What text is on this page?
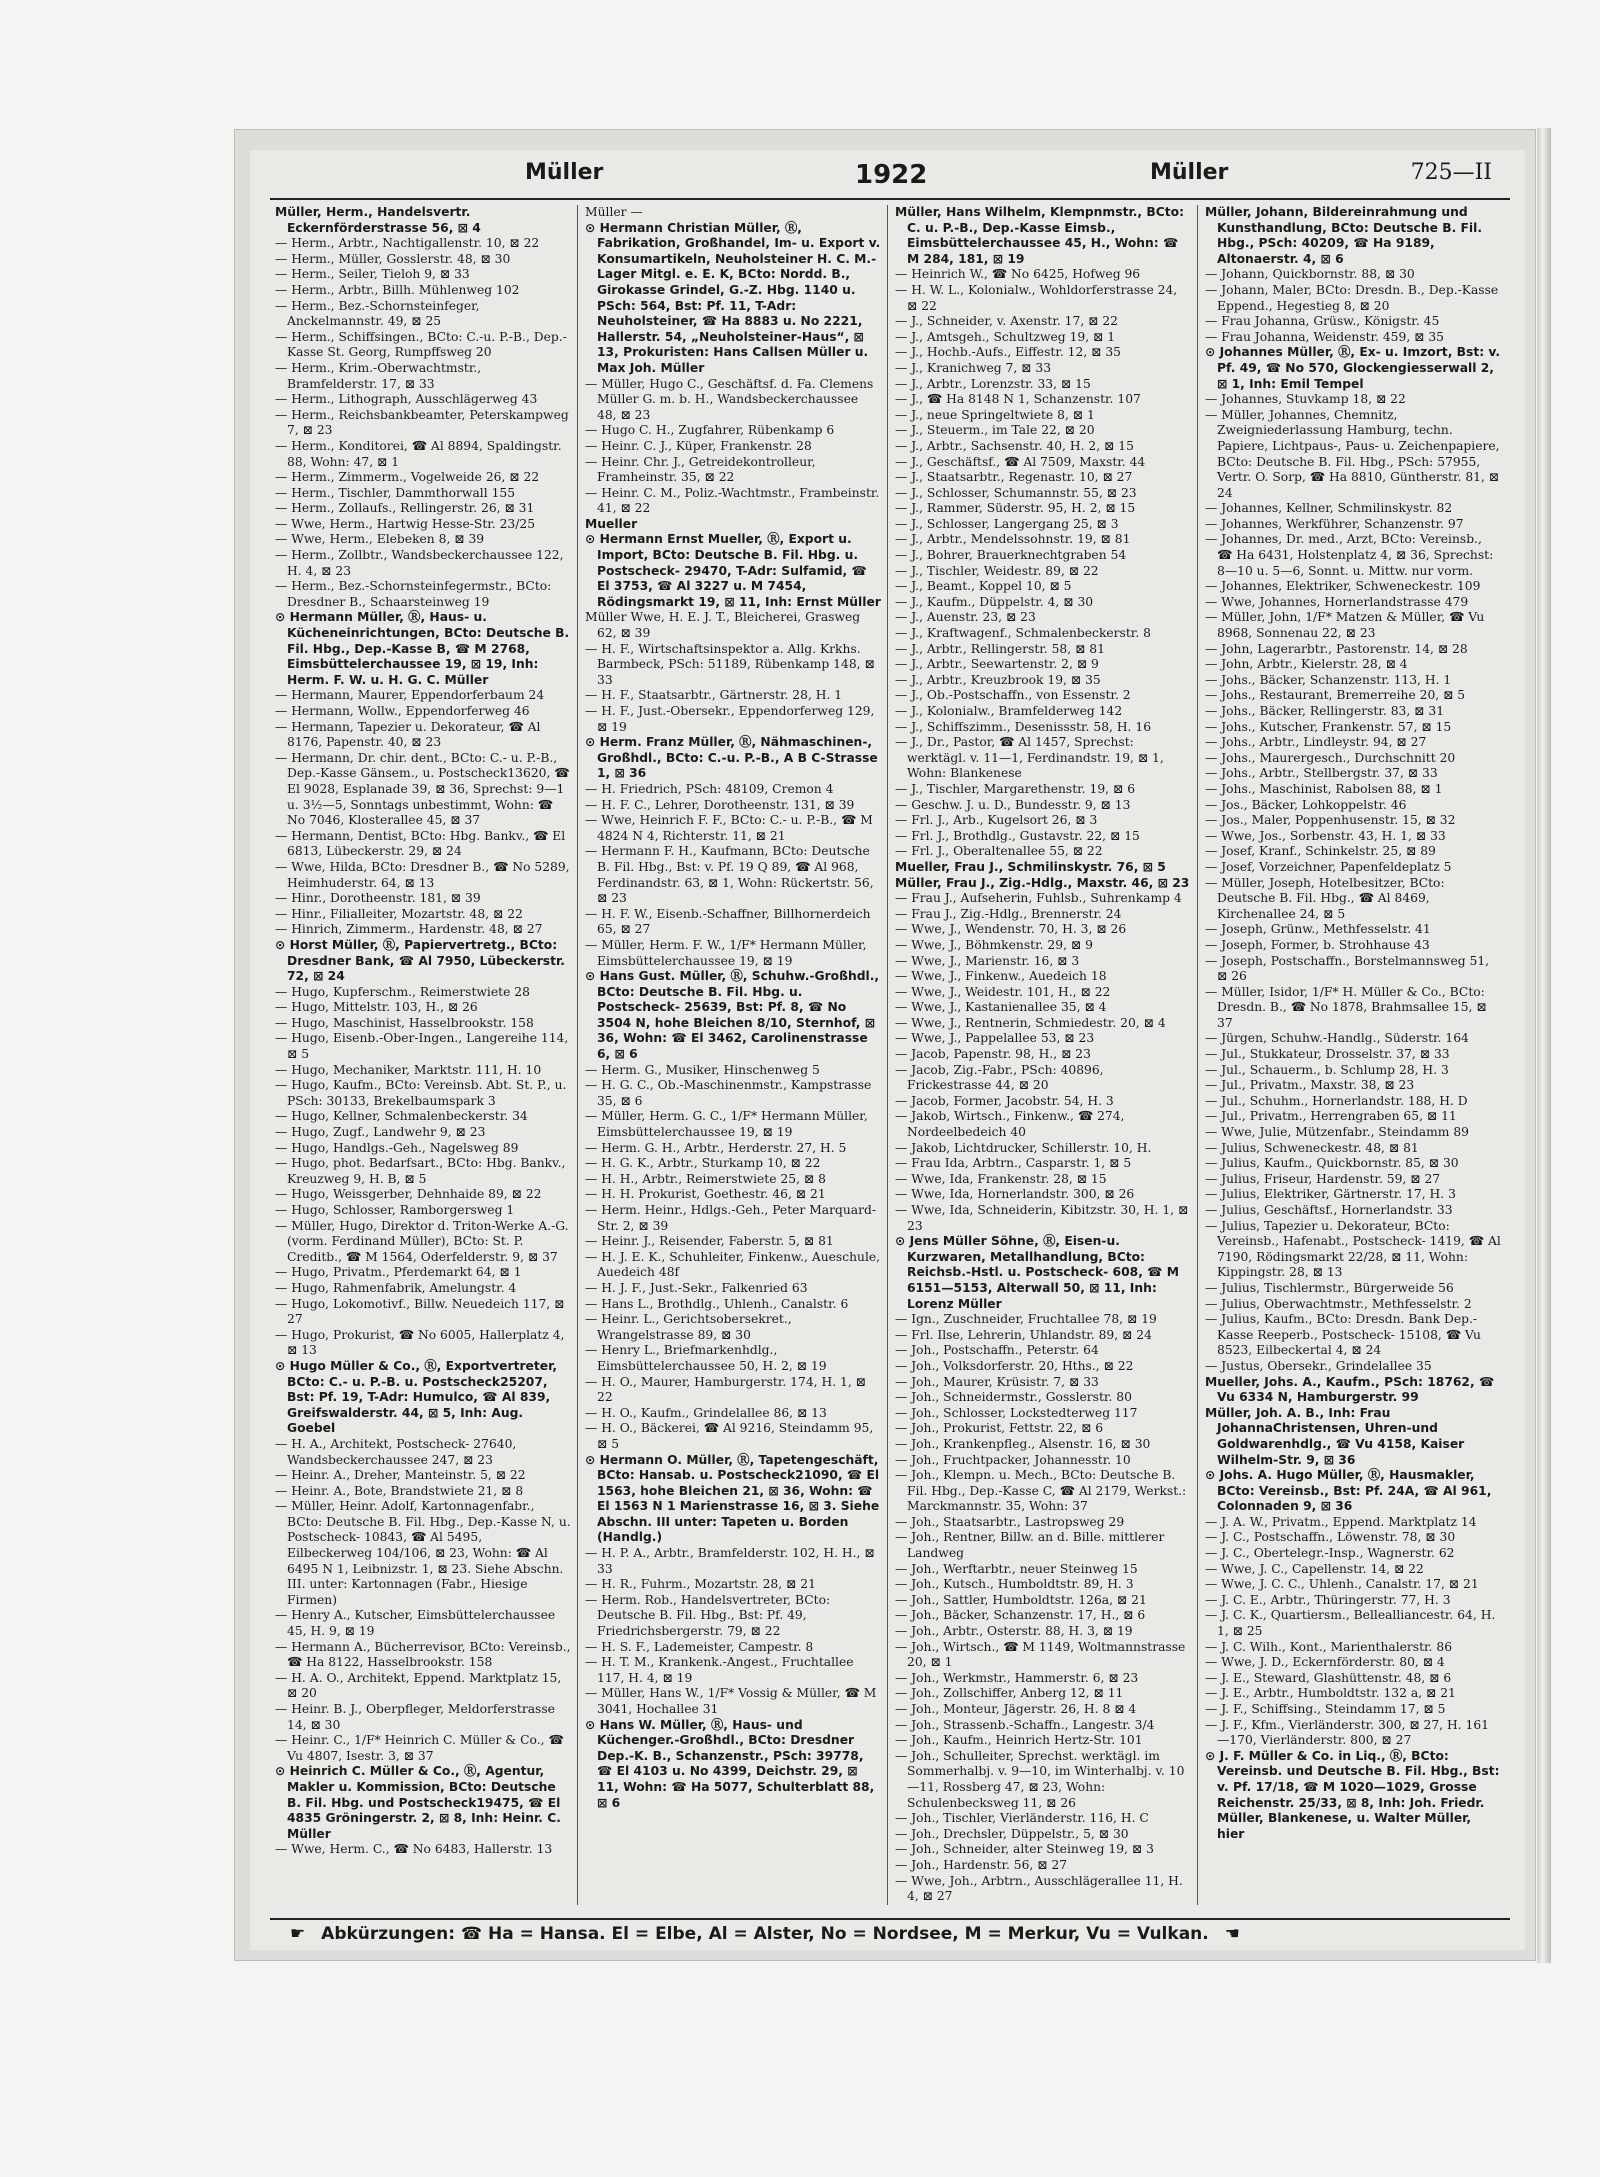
Müller	1922	Müller	725—II

Müller, Herm., Handelsvertr. Eckernförderstrasse 56, ⊠ 4

— Herm., Arbtr., Nachtigallenstr. 10, ⊠ 22

— Herm., Müller, Gosslerstr. 48, ⊠ 30

— Herm., Seiler, Tieloh 9, ⊠ 33

— Herm., Arbtr., Billh. Mühlenweg 102

— Herm., Bez.-Schornsteinfeger, Anckelmannstr. 49, ⊠ 25

— Herm., Schiffsingen., BCto: C.-u. P.-B., Dep.-Kasse St. Georg, Rumpffsweg 20

— Herm., Krim.-Oberwachtmstr., Bramfelderstr. 17, ⊠ 33

— Herm., Lithograph, Ausschlägerweg 43

— Herm., Reichsbankbeamter, Peterskampweg 7, ⊠ 23

— Herm., Konditorei, ☎ Al 8894, Spaldingstr. 88, Wohn: 47, ⊠ 1

— Herm., Zimmerm., Vogelweide 26, ⊠ 22

— Herm., Tischler, Dammthorwall 155

— Herm., Zollaufs., Rellingerstr. 26, ⊠ 31

— Wwe, Herm., Hartwig Hesse-Str. 23/25

— Wwe, Herm., Elebeken 8, ⊠ 39

— Herm., Zollbtr., Wandsbeckerchaussee 122, H. 4, ⊠ 23

— Herm., Bez.-Schornsteinfegermstr., BCto: Dresdner B., Schaarsteinweg 19

⊙ Hermann Müller, Ⓡ, Haus- u. Kücheneinrichtungen, BCto: Deutsche B. Fil. Hbg., Dep.-Kasse B, ☎ M 2768, Eimsbüttelerchaussee 19, ⊠ 19, Inh: Herm. F. W. u. H. G. C. Müller

— Hermann, Maurer, Eppendorferbaum 24

— Hermann, Wollw., Eppendorferweg 46

— Hermann, Tapezier u. Dekorateur, ☎ Al 8176, Papenstr. 40, ⊠ 23

— Hermann, Dr. chir. dent., BCto: C.- u. P.-B., Dep.-Kasse Gänsem., u. Postscheck13620, ☎ El 9028, Esplanade 39, ⊠ 36, Sprechst: 9—1 u. 3½—5, Sonntags unbestimmt, Wohn: ☎ No 7046, Klosterallee 45, ⊠ 37

— Hermann, Dentist, BCto: Hbg. Bankv., ☎ El 6813, Lübeckerstr. 29, ⊠ 24

— Wwe, Hilda, BCto: Dresdner B., ☎ No 5289, Heimhuderstr. 64, ⊠ 13

— Hinr., Dorotheenstr. 181, ⊠ 39

— Hinr., Filialleiter, Mozartstr. 48, ⊠ 22

— Hinrich, Zimmerm., Hardenstr. 48, ⊠ 27

⊙ Horst Müller, Ⓡ, Papiervertretg., BCto: Dresdner Bank, ☎ Al 7950, Lübeckerstr. 72, ⊠ 24

— Hugo, Kupferschm., Reimerstwiete 28

— Hugo, Mittelstr. 103, H., ⊠ 26

— Hugo, Maschinist, Hasselbrookstr. 158

— Hugo, Eisenb.-Ober-Ingen., Langereihe 114, ⊠ 5

— Hugo, Mechaniker, Marktstr. 111, H. 10

— Hugo, Kaufm., BCto: Vereinsb. Abt. St. P., u. PSch: 30133, Brekelbaumspark 3

— Hugo, Kellner, Schmalenbeckerstr. 34

— Hugo, Zugf., Landwehr 9, ⊠ 23

— Hugo, Handlgs.-Geh., Nagelsweg 89

— Hugo, phot. Bedarfsart., BCto: Hbg. Bankv., Kreuzweg 9, H. B, ⊠ 5

— Hugo, Weissgerber, Dehnhaide 89, ⊠ 22

— Hugo, Schlosser, Ramborgersweg 1

— Müller, Hugo, Direktor d. Triton-Werke A.-G. (vorm. Ferdinand Müller), BCto: St. P. Creditb., ☎ M 1564, Oderfelderstr. 9, ⊠ 37

— Hugo, Privatm., Pferdemarkt 64, ⊠ 1

— Hugo, Rahmenfabrik, Amelungstr. 4

— Hugo, Lokomotivf., Billw. Neuedeich 117, ⊠ 27

— Hugo, Prokurist, ☎ No 6005, Hallerplatz 4, ⊠ 13

⊙ Hugo Müller & Co., Ⓡ, Exportvertreter, BCto: C.- u. P.-B. u. Postscheck25207, Bst: Pf. 19, T-Adr: Humulco, ☎ Al 839, Greifswalderstr. 44, ⊠ 5, Inh: Aug. Goebel

— H. A., Architekt, Postscheck- 27640, Wandsbeckerchaussee 247, ⊠ 23

— Heinr. A., Dreher, Manteinstr. 5, ⊠ 22

— Heinr. A., Bote, Brandstwiete 21, ⊠ 8

— Müller, Heinr. Adolf, Kartonnagenfabr., BCto: Deutsche B. Fil. Hbg., Dep.-Kasse N, u. Postscheck- 10843, ☎ Al 5495, Eilbeckerweg 104/106, ⊠ 23, Wohn: ☎ Al 6495 N 1, Leibnizstr. 1, ⊠ 23. Siehe Abschn. III. unter: Kartonnagen (Fabr., Hiesige Firmen)

— Henry A., Kutscher, Eimsbüttelerchaussee 45, H. 9, ⊠ 19

— Hermann A., Bücherrevisor, BCto: Vereinsb., ☎ Ha 8122, Hasselbrookstr. 158

— H. A. O., Architekt, Eppend. Marktplatz 15, ⊠ 20

— Heinr. B. J., Oberpfleger, Meldorferstrasse 14, ⊠ 30

— Heinr. C., 1/F* Heinrich C. Müller & Co., ☎ Vu 4807, Isestr. 3, ⊠ 37

⊙ Heinrich C. Müller & Co., Ⓡ, Agentur, Makler u. Kommission, BCto: Deutsche B. Fil. Hbg. und Postscheck19475, ☎ El 4835 Gröningerstr. 2, ⊠ 8, Inh: Heinr. C. Müller

— Wwe, Herm. C., ☎ No 6483, Hallerstr. 13

Müller —

⊙ Hermann Christian Müller, Ⓡ, Fabrikation, Großhandel, Im- u. Export v. Konsumartikeln, Neuholsteiner H. C. M.-Lager Mitgl. e. E. K, BCto: Nordd. B., Girokasse Grindel, G.-Z. Hbg. 1140 u. PSch: 564, Bst: Pf. 11, T-Adr: Neuholsteiner, ☎ Ha 8883 u. No 2221, Hallerstr. 54, „Neuholsteiner-Haus“, ⊠ 13, Prokuristen: Hans Callsen Müller u. Max Joh. Müller

— Müller, Hugo C., Geschäftsf. d. Fa. Clemens Müller G. m. b. H., Wandsbeckerchaussee 48, ⊠ 23

— Hugo C. H., Zugfahrer, Rübenkamp 6

— Heinr. C. J., Küper, Frankenstr. 28

— Heinr. Chr. J., Getreidekontrolleur, Framheinstr. 35, ⊠ 22

— Heinr. C. M., Poliz.-Wachtmstr., Frambeinstr. 41, ⊠ 22

Mueller

⊙ Hermann Ernst Mueller, Ⓡ, Export u. Import, BCto: Deutsche B. Fil. Hbg. u. Postscheck- 29470, T-Adr: Sulfamid, ☎ El 3753, ☎ Al 3227 u. M 7454, Rödingsmarkt 19, ⊠ 11, Inh: Ernst Müller

Müller Wwe, H. E. J. T., Bleicherei, Grasweg 62, ⊠ 39

— H. F., Wirtschaftsinspektor a. Allg. Krkhs. Barmbeck, PSch: 51189, Rübenkamp 148, ⊠ 33

— H. F., Staatsarbtr., Gärtnerstr. 28, H. 1

— H. F., Just.-Obersekr., Eppendorferweg 129, ⊠ 19

⊙ Herm. Franz Müller, Ⓡ, Nähmaschinen-, Großhdl., BCto: C.-u. P.-B., A B C-Strasse 1, ⊠ 36

— H. Friedrich, PSch: 48109, Cremon 4

— H. F. C., Lehrer, Dorotheenstr. 131, ⊠ 39

— Wwe, Heinrich F. F., BCto: C.- u. P.-B., ☎ M 4824 N 4, Richterstr. 11, ⊠ 21

— Hermann F. H., Kaufmann, BCto: Deutsche B. Fil. Hbg., Bst: v. Pf. 19 Q 89, ☎ Al 968, Ferdinandstr. 63, ⊠ 1, Wohn: Rückertstr. 56, ⊠ 23

— H. F. W., Eisenb.-Schaffner, Billhornerdeich 65, ⊠ 27

— Müller, Herm. F. W., 1/F* Hermann Müller, Eimsbüttelerchaussee 19, ⊠ 19

⊙ Hans Gust. Müller, Ⓡ, Schuhw.-Großhdl., BCto: Deutsche B. Fil. Hbg. u. Postscheck- 25639, Bst: Pf. 8, ☎ No 3504 N, hohe Bleichen 8/10, Sternhof, ⊠ 36, Wohn: ☎ El 3462, Carolinenstrasse 6, ⊠ 6

— Herm. G., Musiker, Hinschenweg 5

— H. G. C., Ob.-Maschinenmstr., Kampstrasse 35, ⊠ 6

— Müller, Herm. G. C., 1/F* Hermann Müller, Eimsbüttelerchaussee 19, ⊠ 19

— Herm. G. H., Arbtr., Herderstr. 27, H. 5

— H. G. K., Arbtr., Sturkamp 10, ⊠ 22

— H. H., Arbtr., Reimerstwiete 25, ⊠ 8

— H. H. Prokurist, Goethestr. 46, ⊠ 21

— Herm. Heinr., Hdlgs.-Geh., Peter Marquard-Str. 2, ⊠ 39

— Heinr. J., Reisender, Faberstr. 5, ⊠ 81

— H. J. E. K., Schuhleiter, Finkenw., Aueschule, Auedeich 48f

— H. J. F., Just.-Sekr., Falkenried 63

— Hans L., Brothdlg., Uhlenh., Canalstr. 6

— Heinr. L., Gerichtsobersekret., Wrangelstrasse 89, ⊠ 30

— Henry L., Briefmarkenhdlg., Eimsbüttelerchaussee 50, H. 2, ⊠ 19

— H. O., Maurer, Hamburgerstr. 174, H. 1, ⊠ 22

— H. O., Kaufm., Grindelallee 86, ⊠ 13

— H. O., Bäckerei, ☎ Al 9216, Steindamm 95, ⊠ 5

⊙ Hermann O. Müller, Ⓡ, Tapetengeschäft, BCto: Hansab. u. Postscheck21090, ☎ El 1563, hohe Bleichen 21, ⊠ 36, Wohn: ☎ El 1563 N 1 Marienstrasse 16, ⊠ 3. Siehe Abschn. III unter: Tapeten u. Borden (Handlg.)

— H. P. A., Arbtr., Bramfelderstr. 102, H. H., ⊠ 33

— H. R., Fuhrm., Mozartstr. 28, ⊠ 21

— Herm. Rob., Handelsvertreter, BCto: Deutsche B. Fil. Hbg., Bst: Pf. 49, Friedrichsbergerstr. 79, ⊠ 22

— H. S. F., Lademeister, Campestr. 8

— H. T. M., Krankenk.-Angest., Fruchtallee 117, H. 4, ⊠ 19

— Müller, Hans W., 1/F* Vossig & Müller, ☎ M 3041, Hochallee 31

⊙ Hans W. Müller, Ⓡ, Haus- und Küchenger.-Großhdl., BCto: Dresdner Dep.-K. B., Schanzenstr., PSch: 39778, ☎ El 4103 u. No 4399, Deichstr. 29, ⊠ 11, Wohn: ☎ Ha 5077, Schulterblatt 88, ⊠ 6

Müller, Hans Wilhelm, Klempnmstr., BCto: C. u. P.-B., Dep.-Kasse Eimsb., Eimsbüttelerchaussee 45, H., Wohn: ☎ M 284, 181, ⊠ 19

— Heinrich W., ☎ No 6425, Hofweg 96

— H. W. L., Kolonialw., Wohldorferstrasse 24, ⊠ 22

— J., Schneider, v. Axenstr. 17, ⊠ 22

— J., Amtsgeh., Schultzweg 19, ⊠ 1

— J., Hochb.-Aufs., Eiffestr. 12, ⊠ 35

— J., Kranichweg 7, ⊠ 33

— J., Arbtr., Lorenzstr. 33, ⊠ 15

— J., ☎ Ha 8148 N 1, Schanzenstr. 107

— J., neue Springeltwiete 8, ⊠ 1

— J., Steuerm., im Tale 22, ⊠ 20

— J., Arbtr., Sachsenstr. 40, H. 2, ⊠ 15

— J., Geschäftsf., ☎ Al 7509, Maxstr. 44

— J., Staatsarbtr., Regenastr. 10, ⊠ 27

— J., Schlosser, Schumannstr. 55, ⊠ 23

— J., Rammer, Süderstr. 95, H. 2, ⊠ 15

— J., Schlosser, Langergang 25, ⊠ 3

— J., Arbtr., Mendelssohnstr. 19, ⊠ 81

— J., Bohrer, Brauerknechtgraben 54

— J., Tischler, Weidestr. 89, ⊠ 22

— J., Beamt., Koppel 10, ⊠ 5

— J., Kaufm., Düppelstr. 4, ⊠ 30

— J., Auenstr. 23, ⊠ 23

— J., Kraftwagenf., Schmalenbeckerstr. 8

— J., Arbtr., Rellingerstr. 58, ⊠ 81

— J., Arbtr., Seewartenstr. 2, ⊠ 9

— J., Arbtr., Kreuzbrook 19, ⊠ 35

— J., Ob.-Postschaffn., von Essenstr. 2

— J., Kolonialw., Bramfelderweg 142

— J., Schiffszimm., Desenissstr. 58, H. 16

— J., Dr., Pastor, ☎ Al 1457, Sprechst: werktägl. v. 11—1, Ferdinandstr. 19, ⊠ 1, Wohn: Blankenese

— J., Tischler, Margarethenstr. 19, ⊠ 6

— Geschw. J. u. D., Bundesstr. 9, ⊠ 13

— Frl. J., Arb., Kugelsort 26, ⊠ 3

— Frl. J., Brothdlg., Gustavstr. 22, ⊠ 15

— Frl. J., Oberaltenallee 55, ⊠ 22

Mueller, Frau J., Schmilinskystr. 76, ⊠ 5

Müller, Frau J., Zig.-Hdlg., Maxstr. 46, ⊠ 23

— Frau J., Aufseherin, Fuhlsb., Suhrenkamp 4

— Frau J., Zig.-Hdlg., Brennerstr. 24

— Wwe, J., Wendenstr. 70, H. 3, ⊠ 26

— Wwe, J., Böhmkenstr. 29, ⊠ 9

— Wwe, J., Marienstr. 16, ⊠ 3

— Wwe, J., Finkenw., Auedeich 18

— Wwe, J., Weidestr. 101, H., ⊠ 22

— Wwe, J., Kastanienallee 35, ⊠ 4

— Wwe, J., Rentnerin, Schmiedestr. 20, ⊠ 4

— Wwe, J., Pappelallee 53, ⊠ 23

— Jacob, Papenstr. 98, H., ⊠ 23

— Jacob, Zig.-Fabr., PSch: 40896, Frickestrasse 44, ⊠ 20

— Jacob, Former, Jacobstr. 54, H. 3

— Jakob, Wirtsch., Finkenw., ☎ 274, Nordeelbedeich 40

— Jakob, Lichtdrucker, Schillerstr. 10, H.

— Frau Ida, Arbtrn., Casparstr. 1, ⊠ 5

— Wwe, Ida, Frankenstr. 28, ⊠ 15

— Wwe, Ida, Hornerlandstr. 300, ⊠ 26

— Wwe, Ida, Schneiderin, Kibitzstr. 30, H. 1, ⊠ 23

⊙ Jens Müller Söhne, Ⓡ, Eisen-u. Kurzwaren, Metallhandlung, BCto: Reichsb.-Hstl. u. Postscheck- 608, ☎ M 6151—5153, Alterwall 50, ⊠ 11, Inh: Lorenz Müller

— Ign., Zuschneider, Fruchtallee 78, ⊠ 19

— Frl. Ilse, Lehrerin, Uhlandstr. 89, ⊠ 24

— Joh., Postschaffn., Peterstr. 64

— Joh., Volksdorferstr. 20, Hths., ⊠ 22

— Joh., Maurer, Krüsistr. 7, ⊠ 33

— Joh., Schneidermstr., Gosslerstr. 80

— Joh., Schlosser, Lockstedterweg 117

— Joh., Prokurist, Fettstr. 22, ⊠ 6

— Joh., Krankenpfleg., Alsenstr. 16, ⊠ 30

— Joh., Fruchtpacker, Johannesstr. 10

— Joh., Klempn. u. Mech., BCto: Deutsche B. Fil. Hbg., Dep.-Kasse C, ☎ Al 2179, Werkst.: Marckmannstr. 35, Wohn: 37

— Joh., Staatsarbtr., Lastropsweg 29

— Joh., Rentner, Billw. an d. Bille. mittlerer Landweg

— Joh., Werftarbtr., neuer Steinweg 15

— Joh., Kutsch., Humboldtstr. 89, H. 3

— Joh., Sattler, Humboldtstr. 126a, ⊠ 21

— Joh., Bäcker, Schanzenstr. 17, H., ⊠ 6

— Joh., Arbtr., Osterstr. 88, H. 3, ⊠ 19

— Joh., Wirtsch., ☎ M 1149, Woltmannstrasse 20, ⊠ 1

— Joh., Werkmstr., Hammerstr. 6, ⊠ 23

— Joh., Zollschiffer, Anberg 12, ⊠ 11

— Joh., Monteur, Jägerstr. 26, H. 8 ⊠ 4

— Joh., Strassenb.-Schaffn., Langestr. 3/4

— Joh., Kaufm., Heinrich Hertz-Str. 101

— Joh., Schulleiter, Sprechst. werktägl. im Sommerhalbj. v. 9—10, im Winterhalbj. v. 10—11, Rossberg 47, ⊠ 23, Wohn: Schulenbecksweg 11, ⊠ 26

— Joh., Tischler, Vierländerstr. 116, H. C

— Joh., Drechsler, Düppelstr., 5, ⊠ 30

— Joh., Schneider, alter Steinweg 19, ⊠ 3

— Joh., Hardenstr. 56, ⊠ 27

— Wwe, Joh., Arbtrn., Ausschlägerallee 11, H. 4, ⊠ 27

Müller, Johann, Bildereinrahmung und Kunsthandlung, BCto: Deutsche B. Fil. Hbg., PSch: 40209, ☎ Ha 9189, Altonaerstr. 4, ⊠ 6

— Johann, Quickbornstr. 88, ⊠ 30

— Johann, Maler, BCto: Dresdn. B., Dep.-Kasse Eppend., Hegestieg 8, ⊠ 20

— Frau Johanna, Grüsw., Königstr. 45

— Frau Johanna, Weidenstr. 459, ⊠ 35

⊙ Johannes Müller, Ⓡ, Ex- u. Imzort, Bst: v. Pf. 49, ☎ No 570, Glockengiesserwall 2, ⊠ 1, Inh: Emil Tempel

— Johannes, Stuvkamp 18, ⊠ 22

— Müller, Johannes, Chemnitz, Zweigniederlassung Hamburg, techn. Papiere, Lichtpaus-, Paus- u. Zeichenpapiere, BCto: Deutsche B. Fil. Hbg., PSch: 57955, Vertr. O. Sorp, ☎ Ha 8810, Güntherstr. 81, ⊠ 24

— Johannes, Kellner, Schmilinskystr. 82

— Johannes, Werkführer, Schanzenstr. 97

— Johannes, Dr. med., Arzt, BCto: Vereinsb., ☎ Ha 6431, Holstenplatz 4, ⊠ 36, Sprechst: 8—10 u. 5—6, Sonnt. u. Mittw. nur vorm.

— Johannes, Elektriker, Schweneckestr. 109

— Wwe, Johannes, Hornerlandstrasse 479

— Müller, John, 1/F* Matzen & Müller, ☎ Vu 8968, Sonnenau 22, ⊠ 23

— John, Lagerarbtr., Pastorenstr. 14, ⊠ 28

— John, Arbtr., Kielerstr. 28, ⊠ 4

— Johs., Bäcker, Schanzenstr. 113, H. 1

— Johs., Restaurant, Bremerreihe 20, ⊠ 5

— Johs., Bäcker, Rellingerstr. 83, ⊠ 31

— Johs., Kutscher, Frankenstr. 57, ⊠ 15

— Johs., Arbtr., Lindleystr. 94, ⊠ 27

— Johs., Maurergesch., Durchschnitt 20

— Johs., Arbtr., Stellbergstr. 37, ⊠ 33

— Johs., Maschinist, Rabolsen 88, ⊠ 1

— Jos., Bäcker, Lohkoppelstr. 46

— Jos., Maler, Poppenhusenstr. 15, ⊠ 32

— Wwe, Jos., Sorbenstr. 43, H. 1, ⊠ 33

— Josef, Kranf., Schinkelstr. 25, ⊠ 89

— Josef, Vorzeichner, Papenfeldeplatz 5

— Müller, Joseph, Hotelbesitzer, BCto: Deutsche B. Fil. Hbg., ☎ Al 8469, Kirchenallee 24, ⊠ 5

— Joseph, Grünw., Methfesselstr. 41

— Joseph, Former, b. Strohhause 43

— Joseph, Postschaffn., Borstelmannsweg 51, ⊠ 26

— Müller, Isidor, 1/F* H. Müller & Co., BCto: Dresdn. B., ☎ No 1878, Brahmsallee 15, ⊠ 37

— Jürgen, Schuhw.-Handlg., Süderstr. 164

— Jul., Stukkateur, Drosselstr. 37, ⊠ 33

— Jul., Schauerm., b. Schlump 28, H. 3

— Jul., Privatm., Maxstr. 38, ⊠ 23

— Jul., Schuhm., Hornerlandstr. 188, H. D

— Jul., Privatm., Herrengraben 65, ⊠ 11

— Wwe, Julie, Mützenfabr., Steindamm 89

— Julius, Schweneckestr. 48, ⊠ 81

— Julius, Kaufm., Quickbornstr. 85, ⊠ 30

— Julius, Friseur, Hardenstr. 59, ⊠ 27

— Julius, Elektriker, Gärtnerstr. 17, H. 3

— Julius, Geschäftsf., Hornerlandstr. 33

— Julius, Tapezier u. Dekorateur, BCto: Vereinsb., Hafenabt., Postscheck- 1419, ☎ Al 7190, Rödingsmarkt 22/28, ⊠ 11, Wohn: Kippingstr. 28, ⊠ 13

— Julius, Tischlermstr., Bürgerweide 56

— Julius, Oberwachtmstr., Methfesselstr. 2

— Julius, Kaufm., BCto: Dresdn. Bank Dep.-Kasse Reeperb., Postscheck- 15108, ☎ Vu 8523, Eilbeckertal 4, ⊠ 24

— Justus, Obersekr., Grindelallee 35

Mueller, Johs. A., Kaufm., PSch: 18762, ☎ Vu 6334 N, Hamburgerstr. 99

Müller, Joh. A. B., Inh: Frau JohannaChristensen, Uhren-und Goldwarenhdlg., ☎ Vu 4158, Kaiser Wilhelm-Str. 9, ⊠ 36

⊙ Johs. A. Hugo Müller, Ⓡ, Hausmakler, BCto: Vereinsb., Bst: Pf. 24A, ☎ Al 961, Colonnaden 9, ⊠ 36

— J. A. W., Privatm., Eppend. Marktplatz 14

— J. C., Postschaffn., Löwenstr. 78, ⊠ 30

— J. C., Obertelegr.-Insp., Wagnerstr. 62

— Wwe, J. C., Capellenstr. 14, ⊠ 22

— Wwe, J. C. C., Uhlenh., Canalstr. 17, ⊠ 21

— J. C. E., Arbtr., Thüringerstr. 77, H. 3

— J. C. K., Quartiersm., Bellealliancestr. 64, H. 1, ⊠ 25

— J. C. Wilh., Kont., Marienthalerstr. 86

— Wwe, J. D., Eckernförderstr. 80, ⊠ 4

— J. E., Steward, Glashüttenstr. 48, ⊠ 6

— J. E., Arbtr., Humboldtstr. 132 a, ⊠ 21

— J. F., Schiffsing., Steindamm 17, ⊠ 5

— J. F., Kfm., Vierländerstr. 300, ⊠ 27, H. 161—170, Vierländerstr. 800, ⊠ 27

⊙ J. F. Müller & Co. in Liq., Ⓡ, BCto: Vereinsb. und Deutsche B. Fil. Hbg., Bst: v. Pf. 17/18, ☎ M 1020—1029, Grosse Reichenstr. 25/33, ⊠ 8, Inh: Joh. Friedr. Müller, Blankenese, u. Walter Müller, hier

☛ Abkürzungen: ☎ Ha = Hansa. El = Elbe, Al = Alster, No = Nordsee, M = Merkur, Vu = Vulkan. ☚
